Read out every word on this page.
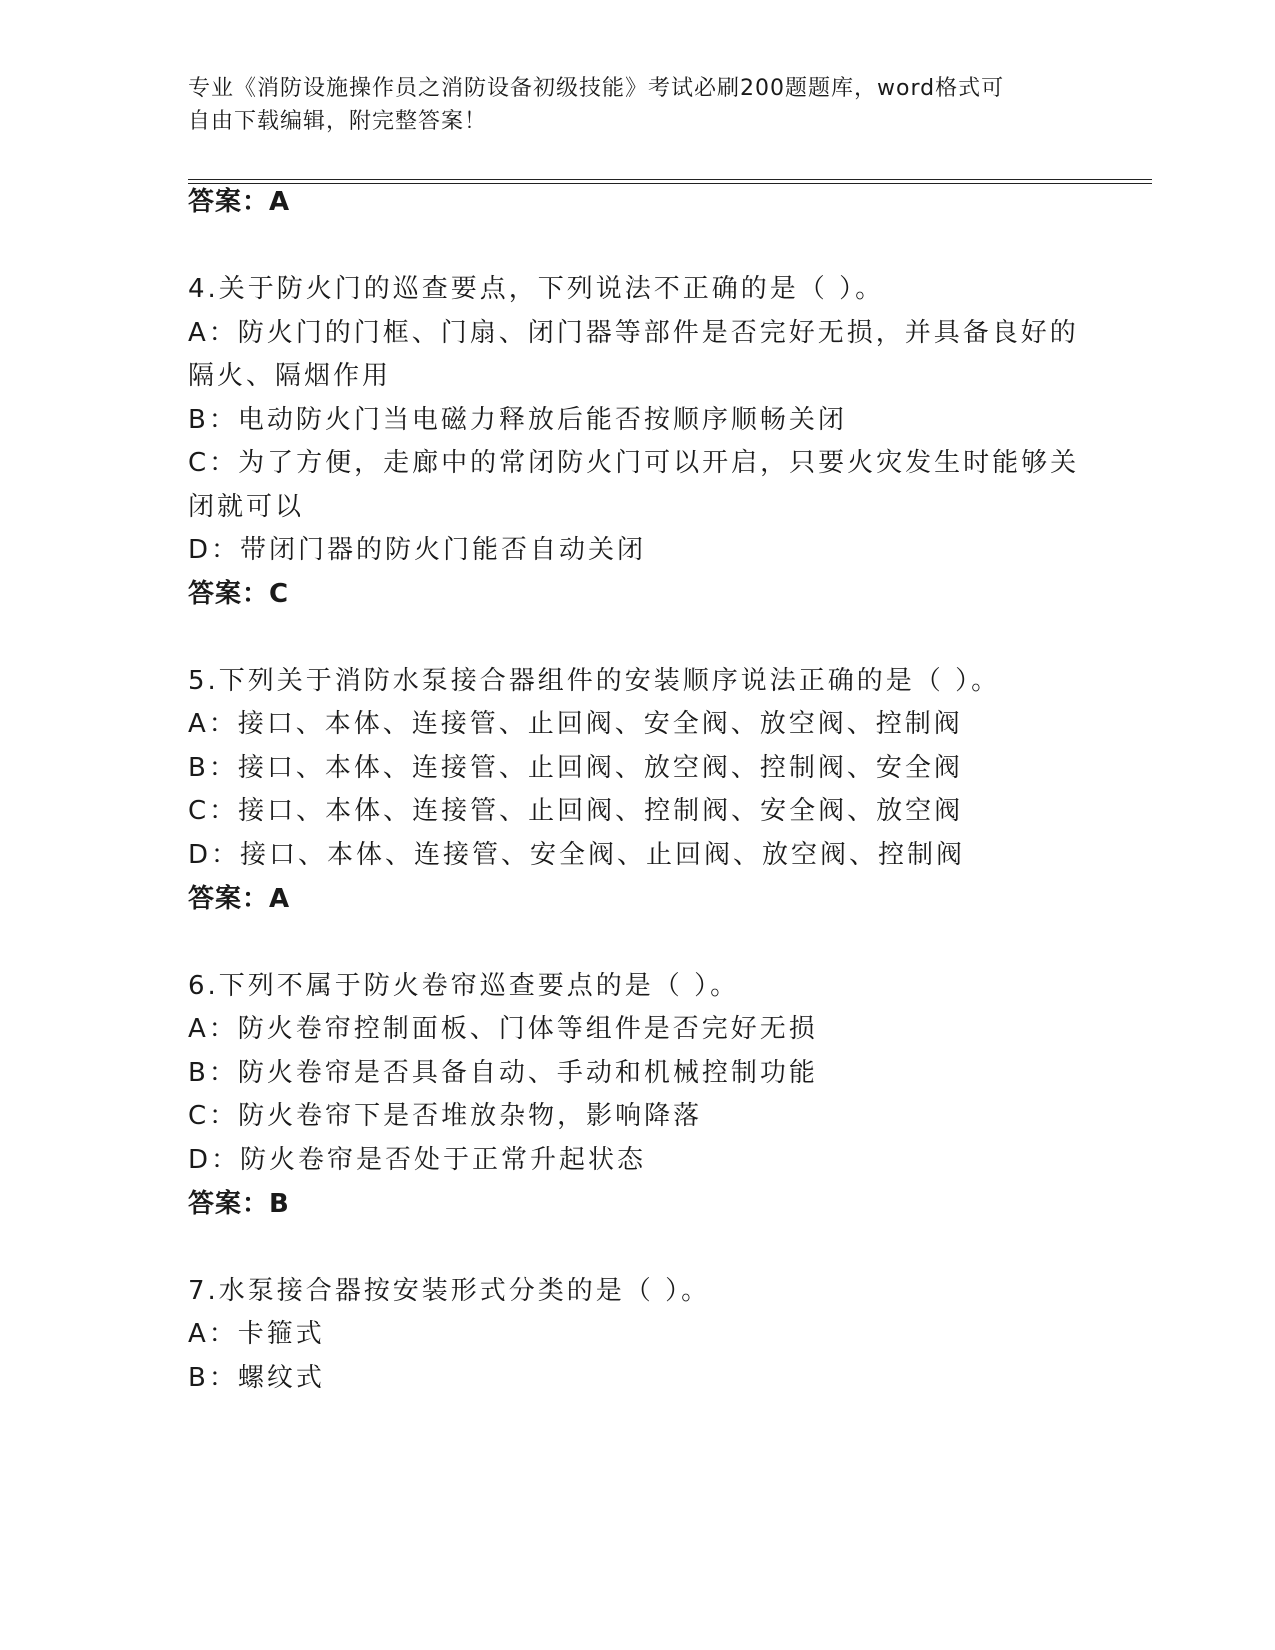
专业《消防设施操作员之消防设备初级技能》考试必刷200题题库，word格式可
自由下载编辑，附完整答案！
答案：A
4.关于防火门的巡查要点，下列说法不正确的是（ ）。
A：防火门的门框、门扇、闭门器等部件是否完好无损，并具备良好的
隔火、隔烟作用
B：电动防火门当电磁力释放后能否按顺序顺畅关闭
C：为了方便，走廊中的常闭防火门可以开启，只要火灾发生时能够关
闭就可以
D：带闭门器的防火门能否自动关闭
答案：C
5.下列关于消防水泵接合器组件的安装顺序说法正确的是（ ）。
A：接口、本体、连接管、止回阀、安全阀、放空阀、控制阀
B：接口、本体、连接管、止回阀、放空阀、控制阀、安全阀
C：接口、本体、连接管、止回阀、控制阀、安全阀、放空阀
D：接口、本体、连接管、安全阀、止回阀、放空阀、控制阀
答案：A
6.下列不属于防火卷帘巡查要点的是（ ）。
A：防火卷帘控制面板、门体等组件是否完好无损
B：防火卷帘是否具备自动、手动和机械控制功能
C：防火卷帘下是否堆放杂物，影响降落
D：防火卷帘是否处于正常升起状态
答案：B
7.水泵接合器按安装形式分类的是（ ）。
A：卡箍式
B：螺纹式
